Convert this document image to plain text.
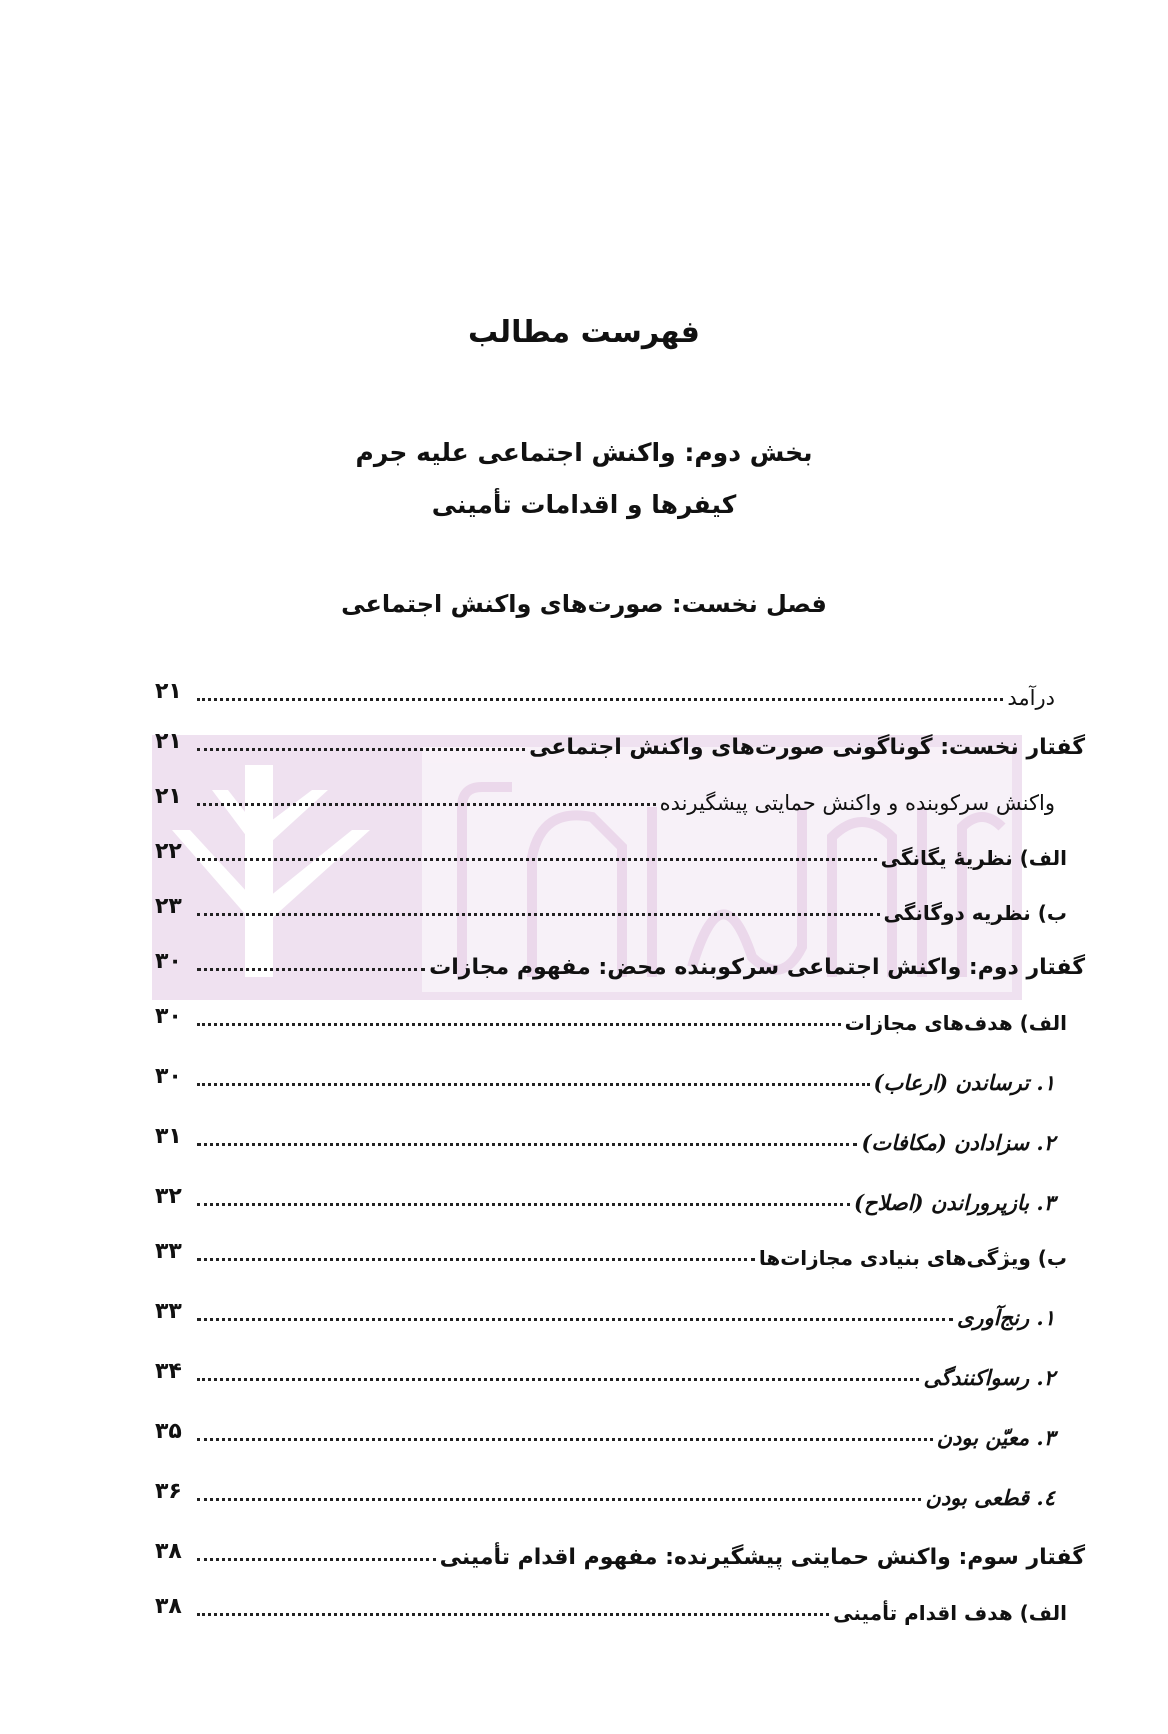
فهرست مطالب
بخش دوم: واکنش اجتماعی علیه جرم
کیفرها و اقدامات تأمینی
فصل نخست: صورت‌های واکنش اجتماعی
درآمد
۲۱
گفتار نخست: گوناگونی صورت‌های واکنش اجتماعی
۲۱
واکنش سرکوبنده و واکنش حمایتی پیشگیرنده
۲۱
الف) نظریهٔ یگانگی
۲۲
ب) نظریه دوگانگی
۲۳
گفتار دوم: واکنش اجتماعی سرکوبنده محض: مفهوم مجازات
۳۰
الف) هدف‌های مجازات
۳۰
۱. ترساندن (ارعاب)
۳۰
۲. سزادادن (مکافات)
۳۱
۳. بازپروراندن (اصلاح)
۳۲
ب) ویژگی‌های بنیادی مجازات‌ها
۳۳
۱. رنج‌آوری
۳۳
۲. رسواکنندگی
۳۴
۳. معیّن بودن
۳۵
٤. قطعی بودن
۳۶
گفتار سوم: واکنش حمایتی پیشگیرنده: مفهوم اقدام تأمینی
۳۸
الف) هدف اقدام تأمینی
۳۸
